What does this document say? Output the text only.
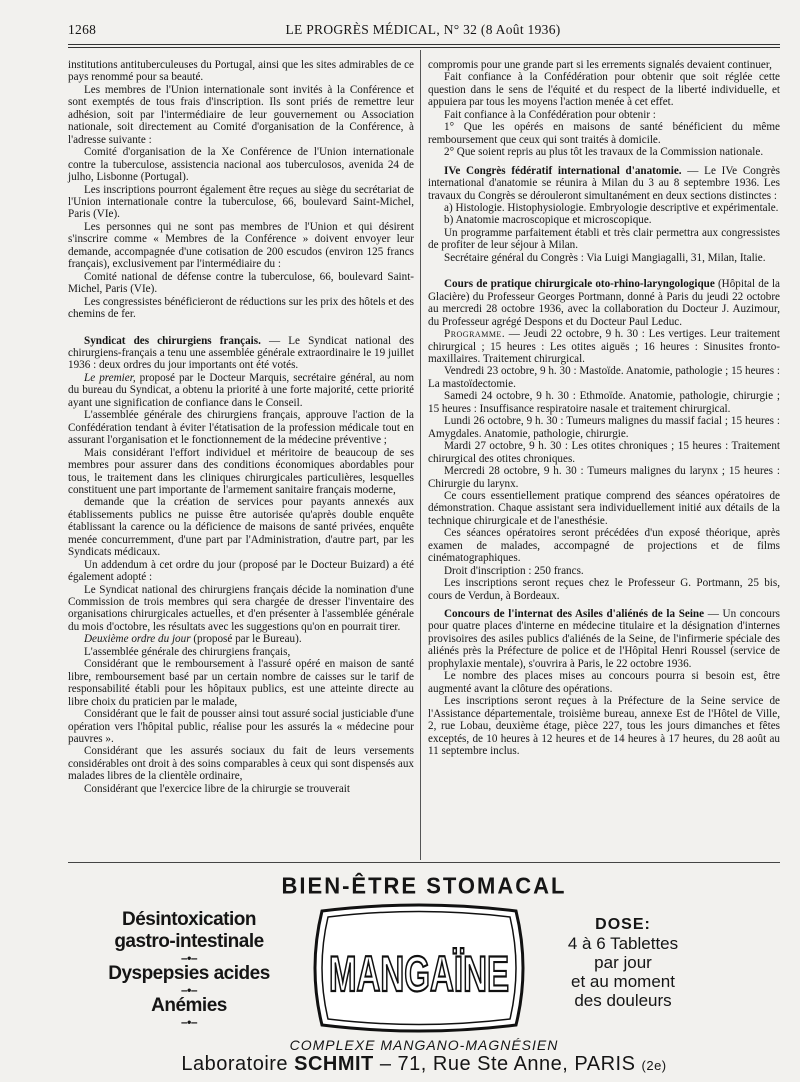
1268	LE PROGRÈS MÉDICAL, N° 32 (8 Août 1936)

institutions antituberculeuses du Portugal, ainsi que les sites admirables de ce pays renommé pour sa beauté.

Les membres de l'Union internationale sont invités à la Conférence et sont exemptés de tous frais d'inscription. Ils sont priés de remettre leur adhésion, soit par l'intermédiaire de leur gouvernement ou Association nationale, soit directement au Comité d'organisation de la Conférence, à l'adresse suivante :

Comité d'organisation de la Xe Conférence de l'Union internationale contre la tuberculose, assistencia nacional aos tuberculosos, avenida 24 de julho, Lisbonne (Portugal).

Les inscriptions pourront également être reçues au siège du secrétariat de l'Union internationale contre la tuberculose, 66, boulevard Saint-Michel, Paris (VIe).

Les personnes qui ne sont pas membres de l'Union et qui désirent s'inscrire comme « Membres de la Conférence » doivent envoyer leur demande, accompagnée d'une cotisation de 200 escudos (environ 125 francs français), exclusivement par l'intermédiaire du :

Comité national de défense contre la tuberculose, 66, boulevard Saint-Michel, Paris (VIe).

Les congressistes bénéficieront de réductions sur les prix des hôtels et des chemins de fer.

Syndicat des chirurgiens français. — Le Syndicat national des chirurgiens-français a tenu une assemblée générale extraordinaire le 19 juillet 1936 : deux ordres du jour importants ont été votés.

Le premier, proposé par le Docteur Marquis, secrétaire général, au nom du bureau du Syndicat, a obtenu la priorité à une forte majorité, cette priorité ayant une signification de confiance dans le Conseil.

L'assemblée générale des chirurgiens français, approuve l'action de la Confédération tendant à éviter l'étatisation de la profession médicale tout en assurant l'organisation et le fonctionnement de la médecine préventive ;

Mais considérant l'effort individuel et méritoire de beaucoup de ses membres pour assurer dans des conditions économiques abordables pour tous, le traitement dans les cliniques chirurgicales particulières, lesquelles constituent une part importante de l'armement sanitaire français moderne,

demande que la création de services pour payants annexés aux établissements publics ne puisse être autorisée qu'après double enquête établissant la carence ou la déficience de maisons de santé privées, enquête menée concurremment, d'une part par l'Administration, d'autre part, par les Syndicats médicaux.

Un addendum à cet ordre du jour (proposé par le Docteur Buizard) a été également adopté :

Le Syndicat national des chirurgiens français décide la nomination d'une Commission de trois membres qui sera chargée de dresser l'inventaire des organisations chirurgicales actuelles, et d'en présenter à l'assemblée générale du mois d'octobre, les résultats avec les suggestions qu'on en pourrait tirer.

Deuxième ordre du jour (proposé par le Bureau).

L'assemblée générale des chirurgiens français,

Considérant que le remboursement à l'assuré opéré en maison de santé libre, remboursement basé par un certain nombre de caisses sur le tarif de responsabilité établi pour les hôpitaux publics, est une atteinte directe au libre choix du praticien par le malade,

Considérant que le fait de pousser ainsi tout assuré social justiciable d'une opération vers l'hôpital public, réalise pour les assurés la « médecine pour pauvres ».

Considérant que les assurés sociaux du fait de leurs versements considérables ont droit à des soins comparables à ceux qui sont dispensés aux malades libres de la clientèle ordinaire,

Considérant que l'exercice libre de la chirurgie se trouverait

compromis pour une grande part si les errements signalés devaient continuer,

Fait confiance à la Confédération pour obtenir que soit réglée cette question dans le sens de l'équité et du respect de la liberté individuelle, et appuiera par tous les moyens l'action menée à cet effet.

Fait confiance à la Confédération pour obtenir :

1° Que les opérés en maisons de santé bénéficient du même remboursement que ceux qui sont traités à domicile.

2° Que soient repris au plus tôt les travaux de la Commission nationale.

IVe Congrès fédératif international d'anatomie. — Le IVe Congrès international d'anatomie se réunira à Milan du 3 au 8 septembre 1936. Les travaux du Congrès se dérouleront simultanément en deux sections distinctes :

a) Histologie. Histophysiologie. Embryologie descriptive et expérimentale.

b) Anatomie macroscopique et microscopique.

Un programme parfaitement établi et très clair permettra aux congressistes de profiter de leur séjour à Milan.

Secrétaire général du Congrès : Via Luigi Mangiagalli, 31, Milan, Italie.

Cours de pratique chirurgicale oto-rhino-laryngologique (Hôpital de la Glacière) du Professeur Georges Portmann, donné à Paris du jeudi 22 octobre au mercredi 28 octobre 1936, avec la collaboration du Docteur J. Auzimour, du Professeur agrégé Despons et du Docteur Paul Leduc.

Programme. — Jeudi 22 octobre, 9 h. 30 : Les vertiges. Leur traitement chirurgical ; 15 heures : Les otites aiguës ; 16 heures : Sinusites fronto-maxillaires. Traitement chirurgical.

Vendredi 23 octobre, 9 h. 30 : Mastoïde. Anatomie, pathologie ; 15 heures : La mastoïdectomie.

Samedi 24 octobre, 9 h. 30 : Ethmoïde. Anatomie, pathologie, chirurgie ; 15 heures : Insuffisance respiratoire nasale et traitement chirurgical.

Lundi 26 octobre, 9 h. 30 : Tumeurs malignes du massif facial ; 15 heures : Amygdales. Anatomie, pathologie, chirurgie.

Mardi 27 octobre, 9 h. 30 : Les otites chroniques ; 15 heures : Traitement chirurgical des otites chroniques.

Mercredi 28 octobre, 9 h. 30 : Tumeurs malignes du larynx ; 15 heures : Chirurgie du larynx.

Ce cours essentiellement pratique comprend des séances opératoires de démonstration. Chaque assistant sera individuellement initié aux détails de la technique chirurgicale et de l'anesthésie.

Ces séances opératoires seront précédées d'un exposé théorique, après examen de malades, accompagné de projections et de films cinématographiques.

Droit d'inscription : 250 francs.

Les inscriptions seront reçues chez le Professeur G. Portmann, 25 bis, cours de Verdun, à Bordeaux.

Concours de l'internat des Asiles d'aliénés de la Seine — Un concours pour quatre places d'interne en médecine titulaire et la désignation d'internes provisoires des asiles publics d'aliénés de la Seine, de l'infirmerie spéciale des aliénés près la Préfecture de police et de l'Hôpital Henri Roussel (service de prophylaxie mentale), s'ouvrira à Paris, le 22 octobre 1936.

Le nombre des places mises au concours pourra si besoin est, être augmenté avant la clôture des opérations.

Les inscriptions seront reçues à la Préfecture de la Seine service de l'Assistance départementale, troisième bureau, annexe Est de l'Hôtel de Ville, 2, rue Lobau, deuxième étage, pièce 227, tous les jours dimanches et fêtes exceptés, de 10 heures à 12 heures et de 14 heures à 17 heures, du 28 août au 11 septembre inclus.

BIEN-ÊTRE STOMACAL
Désintoxication
gastro-intestinale
–•–
Dyspepsies acides
–•–
Anémies
–•–
MANGAÏNE
DOSE:
4 à 6 Tablettes
par jour
et au moment
des douleurs
COMPLEXE MANGANO-MAGNÉSIEN
Laboratoire SCHMIT – 71, Rue Ste Anne, PARIS (2e)
